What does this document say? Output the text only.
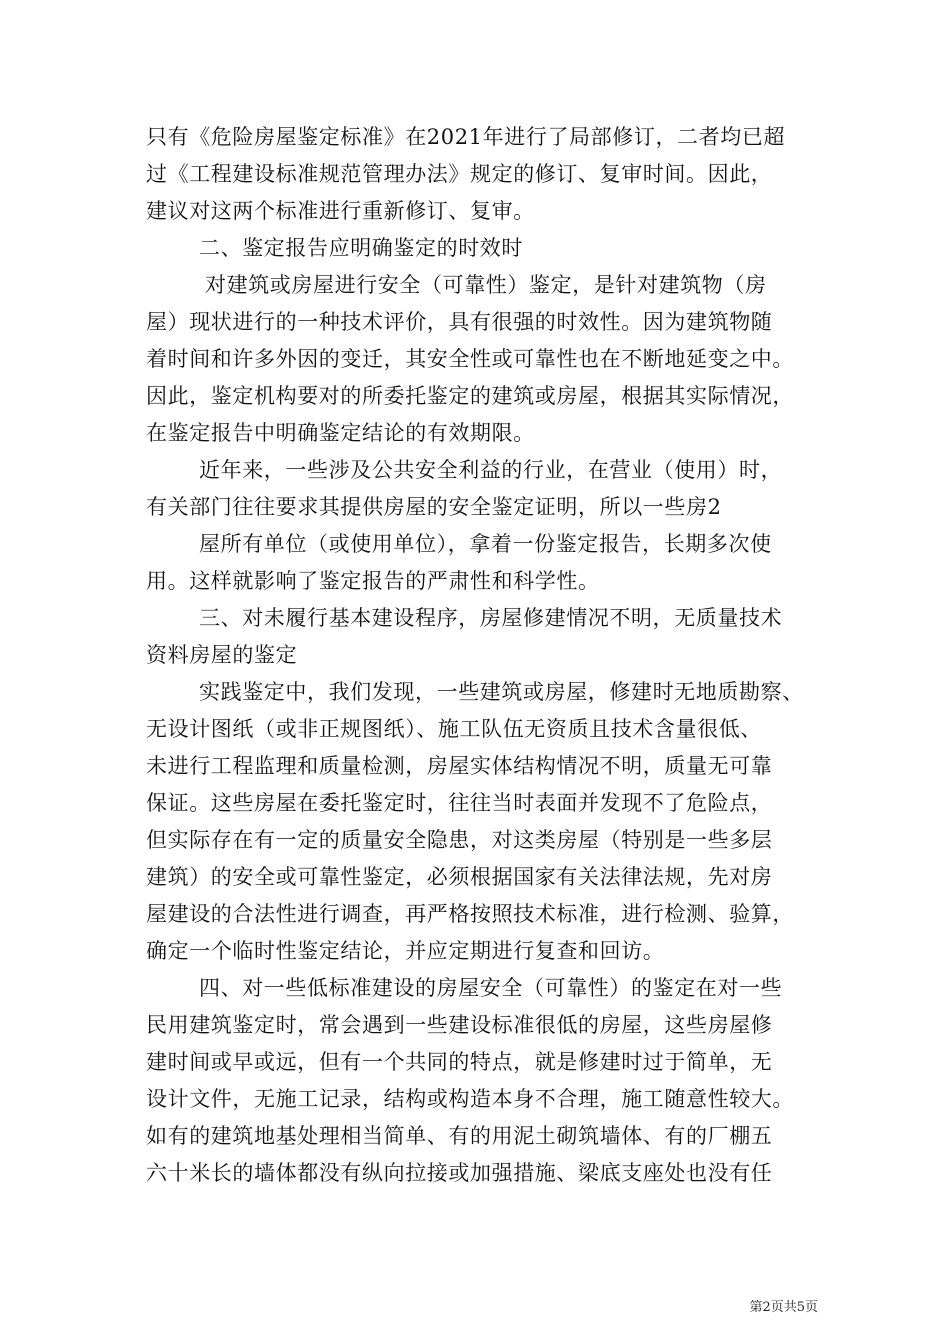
只有《危险房屋鉴定标准》在2021年进行了局部修订，二者均已超
过《工程建设标准规范管理办法》规定的修订、复审时间。因此，
建议对这两个标准进行重新修订、复审。
二、鉴定报告应明确鉴定的时效时
对建筑或房屋进行安全（可靠性）鉴定，是针对建筑物（房
屋）现状进行的一种技术评价，具有很强的时效性。因为建筑物随
着时间和许多外因的变迁，其安全性或可靠性也在不断地延变之中。
因此，鉴定机构要对的所委托鉴定的建筑或房屋，根据其实际情况，
在鉴定报告中明确鉴定结论的有效期限。
近年来，一些涉及公共安全利益的行业，在营业（使用）时，
有关部门往往要求其提供房屋的安全鉴定证明，所以一些房2
屋所有单位（或使用单位），拿着一份鉴定报告，长期多次使
用。这样就影响了鉴定报告的严肃性和科学性。
三、对未履行基本建设程序，房屋修建情况不明，无质量技术
资料房屋的鉴定
实践鉴定中，我们发现，一些建筑或房屋，修建时无地质勘察、
无设计图纸（或非正规图纸）、施工队伍无资质且技术含量很低、
未进行工程监理和质量检测，房屋实体结构情况不明，质量无可靠
保证。这些房屋在委托鉴定时，往往当时表面并发现不了危险点，
但实际存在有一定的质量安全隐患，对这类房屋（特别是一些多层
建筑）的安全或可靠性鉴定，必须根据国家有关法律法规，先对房
屋建设的合法性进行调查，再严格按照技术标准，进行检测、验算，
确定一个临时性鉴定结论，并应定期进行复查和回访。
四、对一些低标准建设的房屋安全（可靠性）的鉴定在对一些
民用建筑鉴定时，常会遇到一些建设标准很低的房屋，这些房屋修
建时间或早或远，但有一个共同的特点，就是修建时过于简单，无
设计文件，无施工记录，结构或构造本身不合理，施工随意性较大。
如有的建筑地基处理相当简单、有的用泥土砌筑墙体、有的厂棚五
六十米长的墙体都没有纵向拉接或加强措施、梁底支座处也没有任
第2页共5页
